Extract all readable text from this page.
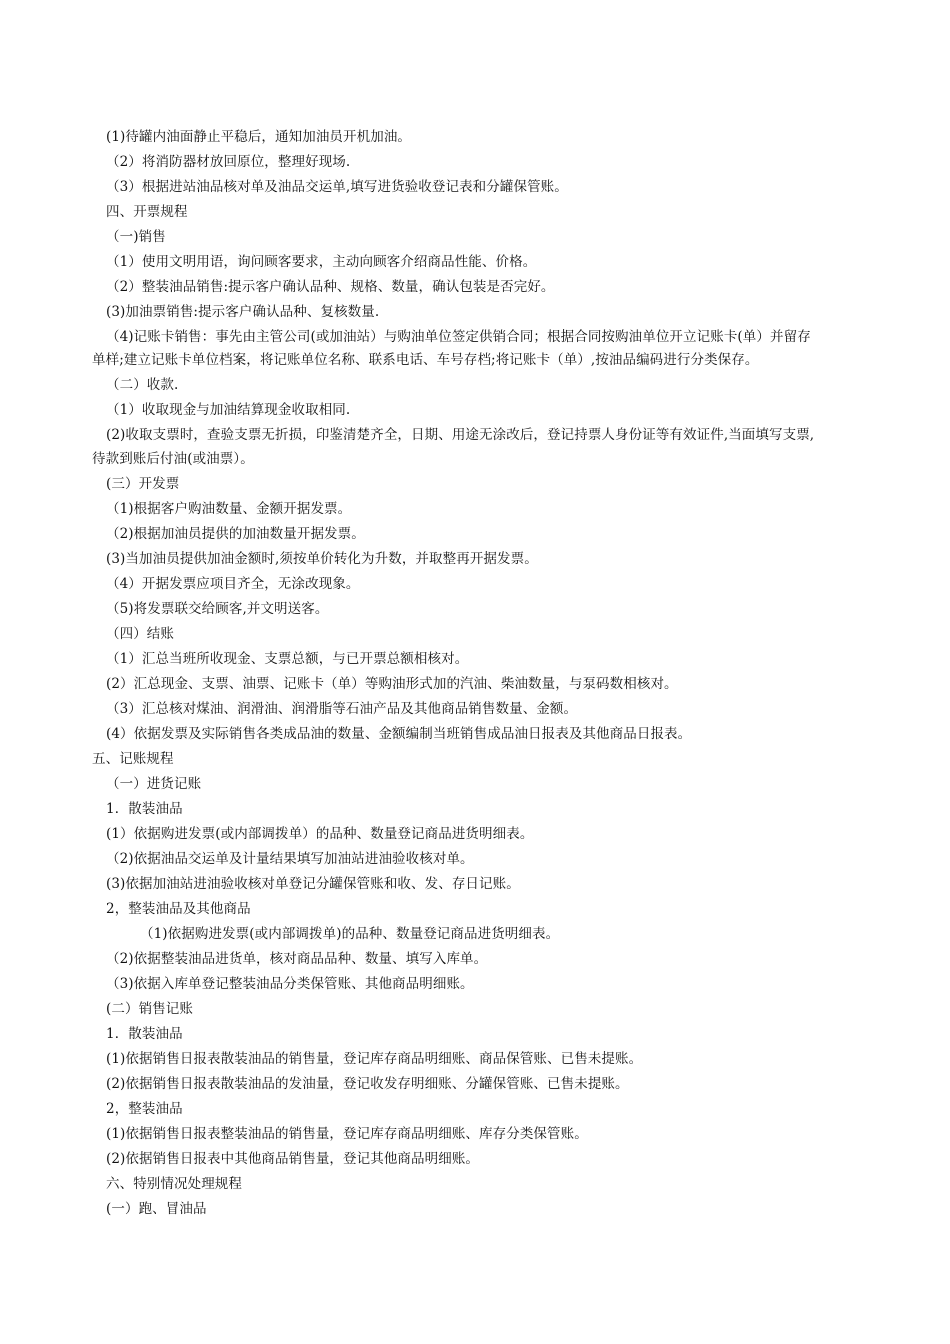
(1)待罐内油面静止平稳后，通知加油员开机加油。
（2）将消防器材放回原位，整理好现场.
（3）根据进站油品核对单及油品交运单,填写进货验收登记表和分罐保管账。
四、开票规程
（一)销售
（1）使用文明用语，询问顾客要求，主动向顾客介绍商品性能、价格。
（2）整装油品销售:提示客户确认品种、规格、数量，确认包装是否完好。
(3)加油票销售:提示客户确认品种、复核数量.
（4)记账卡销售：事先由主管公司(或加油站）与购油单位签定供销合同；根据合同按购油单位开立记账卡(单）并留存
单样;建立记账卡单位档案，将记账单位名称、联系电话、车号存档;将记账卡（单）,按油品编码进行分类保存。
（二）收款.
（1）收取现金与加油结算现金收取相同.
(2)收取支票时，查验支票无折损，印鉴清楚齐全，日期、用途无涂改后，登记持票人身份证等有效证件,当面填写支票,
待款到账后付油(或油票）。
(三）开发票
（1)根据客户购油数量、金额开据发票。
（2)根据加油员提供的加油数量开据发票。
(3)当加油员提供加油金额时,须按单价转化为升数，并取整再开据发票。
（4）开据发票应项目齐全，无涂改现象。
（5)将发票联交给顾客,并文明送客。
（四）结账
（1）汇总当班所收现金、支票总额，与已开票总额相核对。
(2）汇总现金、支票、油票、记账卡（单）等购油形式加的汽油、柴油数量，与泵码数相核对。
（3）汇总核对煤油、润滑油、润滑脂等石油产品及其他商品销售数量、金额。
(4）依据发票及实际销售各类成品油的数量、金额编制当班销售成品油日报表及其他商品日报表。
五、记账规程
（一）进货记账
1．散装油品
(1）依据购进发票(或内部调拨单）的品种、数量登记商品进货明细表。
（2)依据油品交运单及计量结果填写加油站进油验收核对单。
(3)依据加油站进油验收核对单登记分罐保管账和收、发、存日记账。
2，整装油品及其他商品
（1)依据购进发票(或内部调拨单)的品种、数量登记商品进货明细表。
（2)依据整装油品进货单，核对商品品种、数量、填写入库单。
（3)依据入库单登记整装油品分类保管账、其他商品明细账。
(二）销售记账
1．散装油品
(1)依据销售日报表散装油品的销售量，登记库存商品明细账、商品保管账、已售未提账。
(2)依据销售日报表散装油品的发油量，登记收发存明细账、分罐保管账、已售未提账。
2，整装油品
(1)依据销售日报表整装油品的销售量，登记库存商品明细账、库存分类保管账。
(2)依据销售日报表中其他商品销售量，登记其他商品明细账。
六、特别情况处理规程
(一）跑、冒油品
